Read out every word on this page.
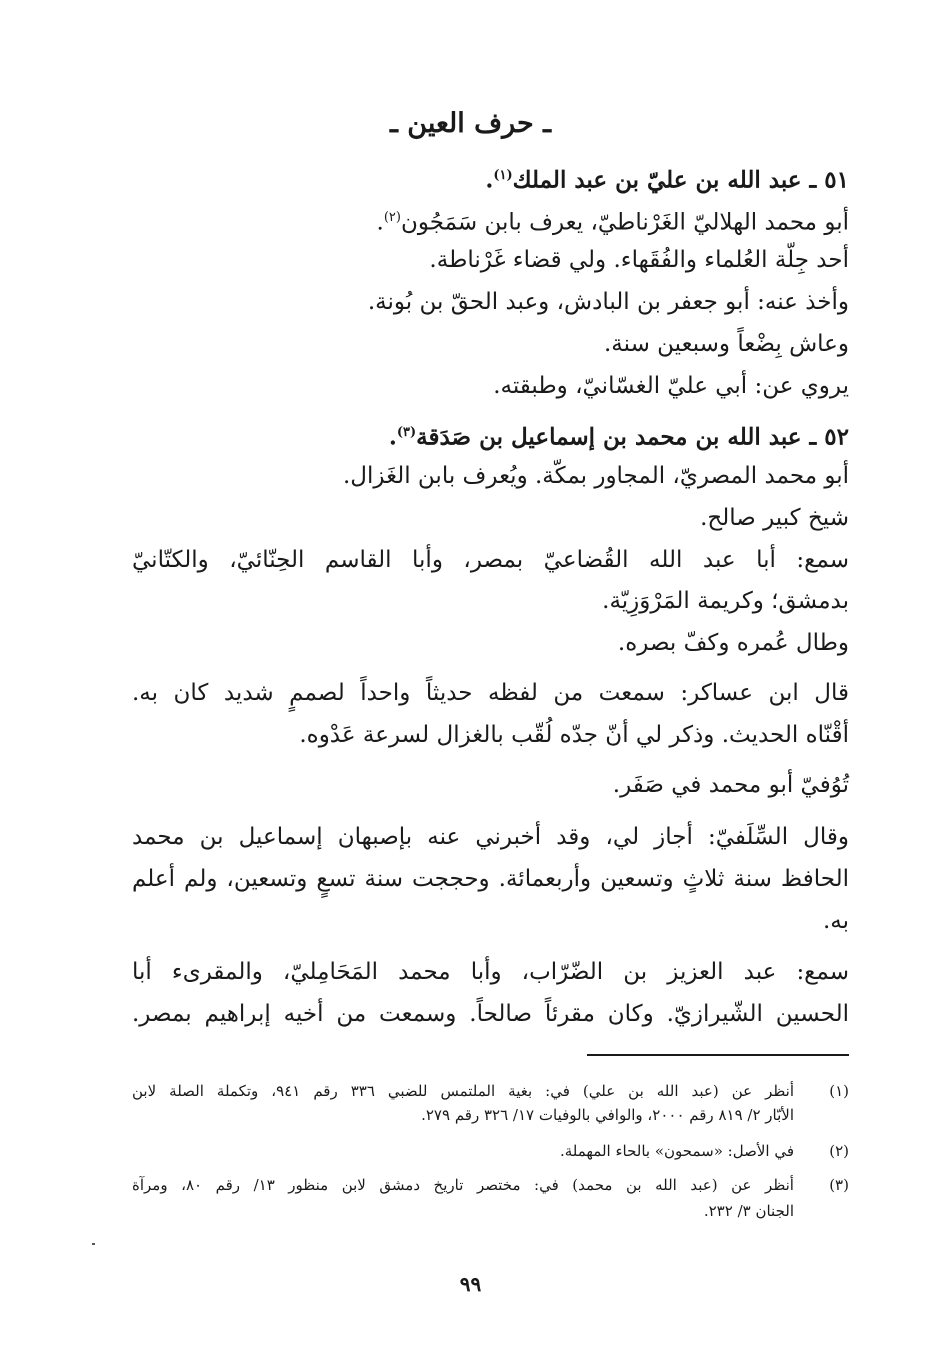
ـ حرف العين ـ
٥١ ـ عبد الله بن عليّ بن عبد الملك$^{(١)}$.
أبو محمد الهلاليّ الغَرْناطيّ، يعرف بابن سَمَجُون$^{(٢)}$.
أحد جِلّة العُلماء والفُقَهاء. ولي قضاء غَرْناطة.
وأخذ عنه: أبو جعفر بن البادش، وعبد الحقّ بن بُونة.
وعاش بِضْعاً وسبعين سنة.
يروي عن: أبي عليّ الغسّانيّ، وطبقته.
٥٢ ـ عبد الله بن محمد بن إسماعيل بن صَدَقة$^{(٣)}$.
أبو محمد المصريّ، المجاور بمكّة. ويُعرف بابن الغَزال.
شيخ كبير صالح.
سمع: أبا عبد الله القُضاعيّ بمصر، وأبا القاسم الحِنّائيّ، والكتّانيّ
بدمشق؛ وكريمة المَرْوَزِيّة.
وطال عُمره وكفّ بصره.
قال ابن عساكر: سمعت من لفظه حديثاً واحداً لصممٍ شديد كان به.
أقْنّاه الحديث. وذكر لي أنّ جدّه لُقّب بالغزال لسرعة عَدْوه.
تُوُفيّ أبو محمد في صَفَر.
وقال السِّلَفيّ: أجاز لي، وقد أخبرني عنه بإصبهان إسماعيل بن محمد
الحافظ سنة ثلاثٍ وتسعين وأربعمائة. وحججت سنة تسعٍ وتسعين، ولم أعلم
به.
سمع: عبد العزيز بن الضّرّاب، وأبا محمد المَحَامِليّ، والمقرىء أبا
الحسين الشّيرازيّ. وكان مقرئاً صالحاً. وسمعت من أخيه إبراهيم بمصر.
(١)أنظر عن (عبد الله بن علي) في: بغية الملتمس للضبي ٣٣٦ رقم ٩٤١، وتكملة الصلة لابن
الأبّار ٢/ ٨١٩ رقم ٢٠٠٠، والوافي بالوفيات ١٧/ ٣٢٦ رقم ٢٧٩.
(٢)في الأصل: «سمحون» بالحاء المهملة.
(٣)أنظر عن (عبد الله بن محمد) في: مختصر تاريخ دمشق لابن منظور ١٣/ رقم ٨٠، ومرآة
الجنان ٣/ ٢٣٢.
٩٩
